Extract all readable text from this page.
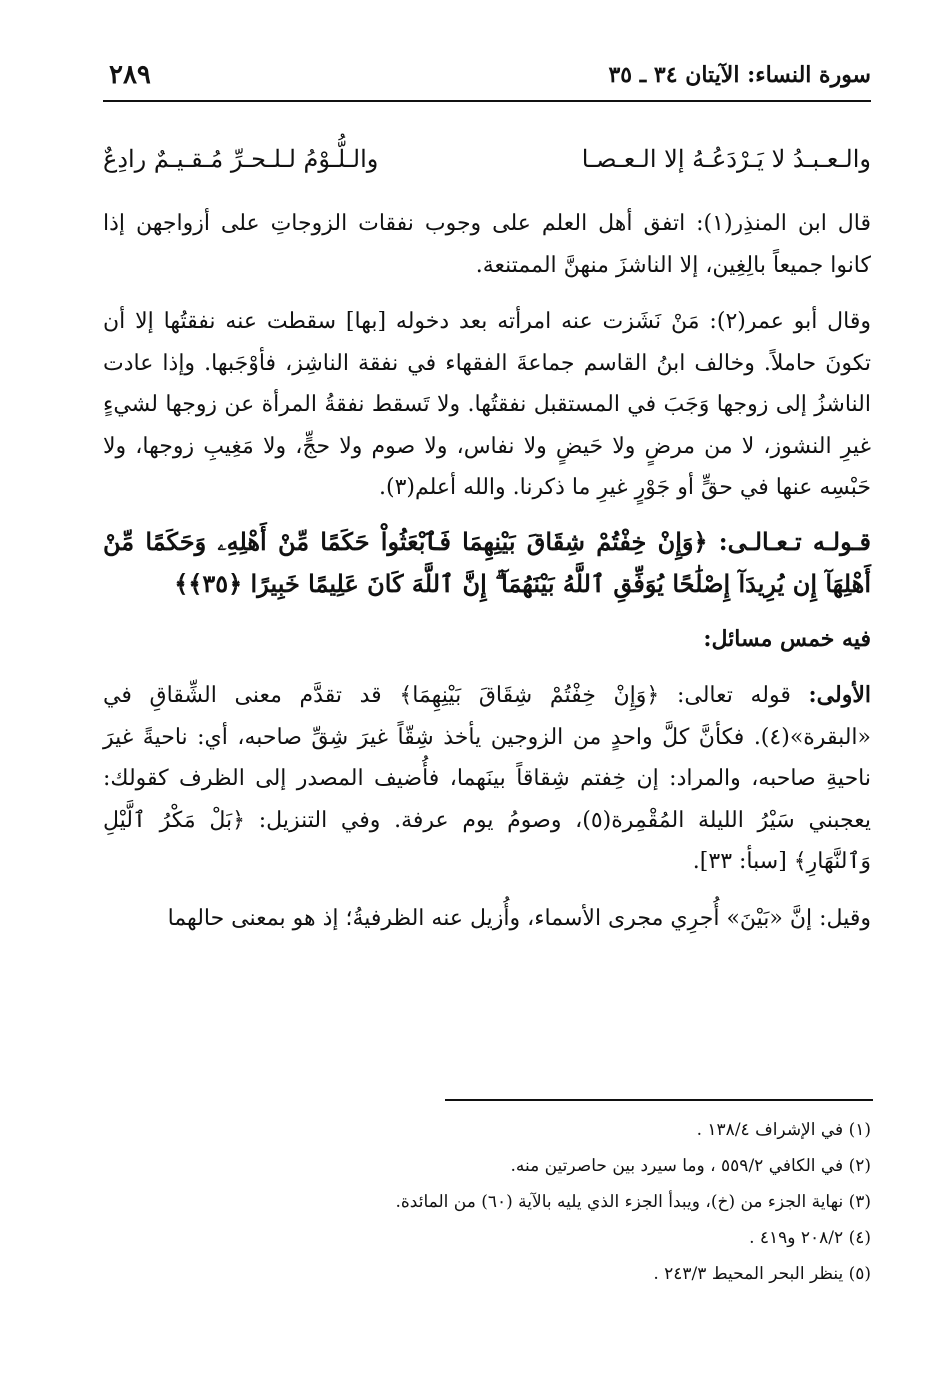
سورة النساء: الآيتان ٣٤ ـ ٣٥
٢٨٩
والـعـبـدُ لا يَـرْدَعُـهُ إلا الـعـصـا
والـلُّـوْمُ لـلـحـرِّ مُـقـيـمٌ رادِعٌ

قال ابن المنذِر(١): اتفق أهل العلم على وجوب نفقات الزوجاتِ على أزواجهن إذا كانوا جميعاً بالِغِين، إلا الناشزَ منهنَّ الممتنعة.

وقال أبو عمر(٢): مَنْ نَشَزت عنه امرأته بعد دخوله [بها] سقطت عنه نفقتُها إلا أن تكونَ حاملاً. وخالف ابنُ القاسم جماعةَ الفقهاء في نفقة الناشِز، فأوْجَبها. وإذا عادت الناشزُ إلى زوجها وَجَبَ في المستقبل نفقتُها. ولا تَسقط نفقةُ المرأة عن زوجها لشيءٍ غيرِ النشوز، لا من مرضٍ ولا حَيضٍ ولا نفاس، ولا صوم ولا حجٍّ، ولا مَغِيبِ زوجها، ولا حَبْسِه عنها في حقٍّ أو جَوْرٍ غيرِ ما ذكرنا. والله أعلم(٣).

قـولـه تـعـالـى: ﴿وَإِنْ خِفْتُمْ شِقَاقَ بَيْنِهِمَا فَٱبْعَثُواْ حَكَمًا مِّنْ أَهْلِهِۦ وَحَكَمًا مِّنْ أَهْلِهَآ إِن يُرِيدَآ إِصْلَٰحًا يُوَفِّقِ ٱللَّهُ بَيْنَهُمَآ ۗ إِنَّ ٱللَّهَ كَانَ عَلِيمًا خَبِيرًا ﴿٣٥﴾﴾

فيه خمس مسائل:

الأولى: قوله تعالى: ﴿وَإِنْ خِفْتُمْ شِقَاقَ بَيْنِهِمَا﴾ قد تقدَّم معنى الشِّقاقِ في «البقرة»(٤). فكأنَّ كلَّ واحدٍ من الزوجين يأخذ شِقّاً غيرَ شِقِّ صاحبه، أي: ناحيةً غيرَ ناحيةِ صاحبه، والمراد: إن خِفتم شِقاقاً بينَهما، فأُضيف المصدر إلى الظرف كقولك: يعجبني سَيْرُ الليلة المُقْمِرة(٥)، وصومُ يوم عرفة. وفي التنزيل: ﴿بَلْ مَكْرُ ٱلَّيْلِ وَٱلنَّهَارِ﴾ [سبأ: ٣٣].

وقيل: إنَّ «بَيْنَ» أُجرِي مجرى الأسماء، وأُزيل عنه الظرفيةُ؛ إذ هو بمعنى حالهما

(١) في الإشراف ١٣٨/٤ .
(٢) في الكافي ٥٥٩/٢ ، وما سيرد بين حاصرتين منه.
(٣) نهاية الجزء من (خ)، ويبدأ الجزء الذي يليه بالآية (٦٠) من المائدة.
(٤) ٢٠٨/٢ و٤١٩ .
(٥) ينظر البحر المحيط ٢٤٣/٣ .
